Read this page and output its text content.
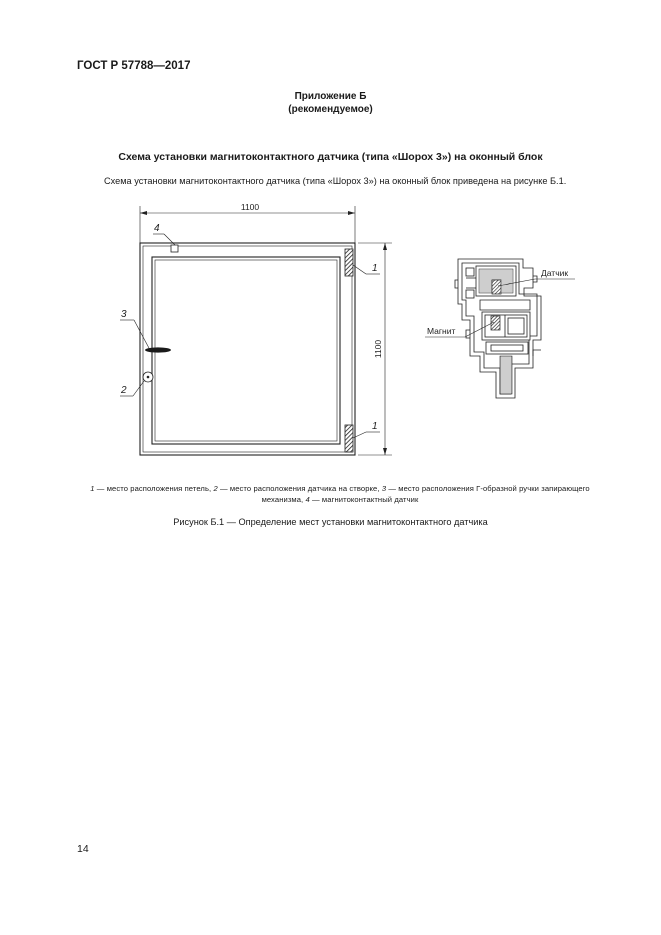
ГОСТ Р 57788—2017
Приложение Б
(рекомендуемое)
Схема установки магнитоконтактного датчика (типа «Шорох 3») на оконный блок
Схема установки магнитоконтактного датчика (типа «Шорох 3») на оконный блок приведена на рисунке Б.1.
1100
1100
4
1
1
3
2
Датчик
Магнит
1 — место расположения петель, 2 — место расположения датчика на створке, 3 — место расположения Г-образной ручки запирающего механизма, 4 — магнитоконтактный датчик
Рисунок Б.1 — Определение мест установки магнитоконтактного датчика
14
